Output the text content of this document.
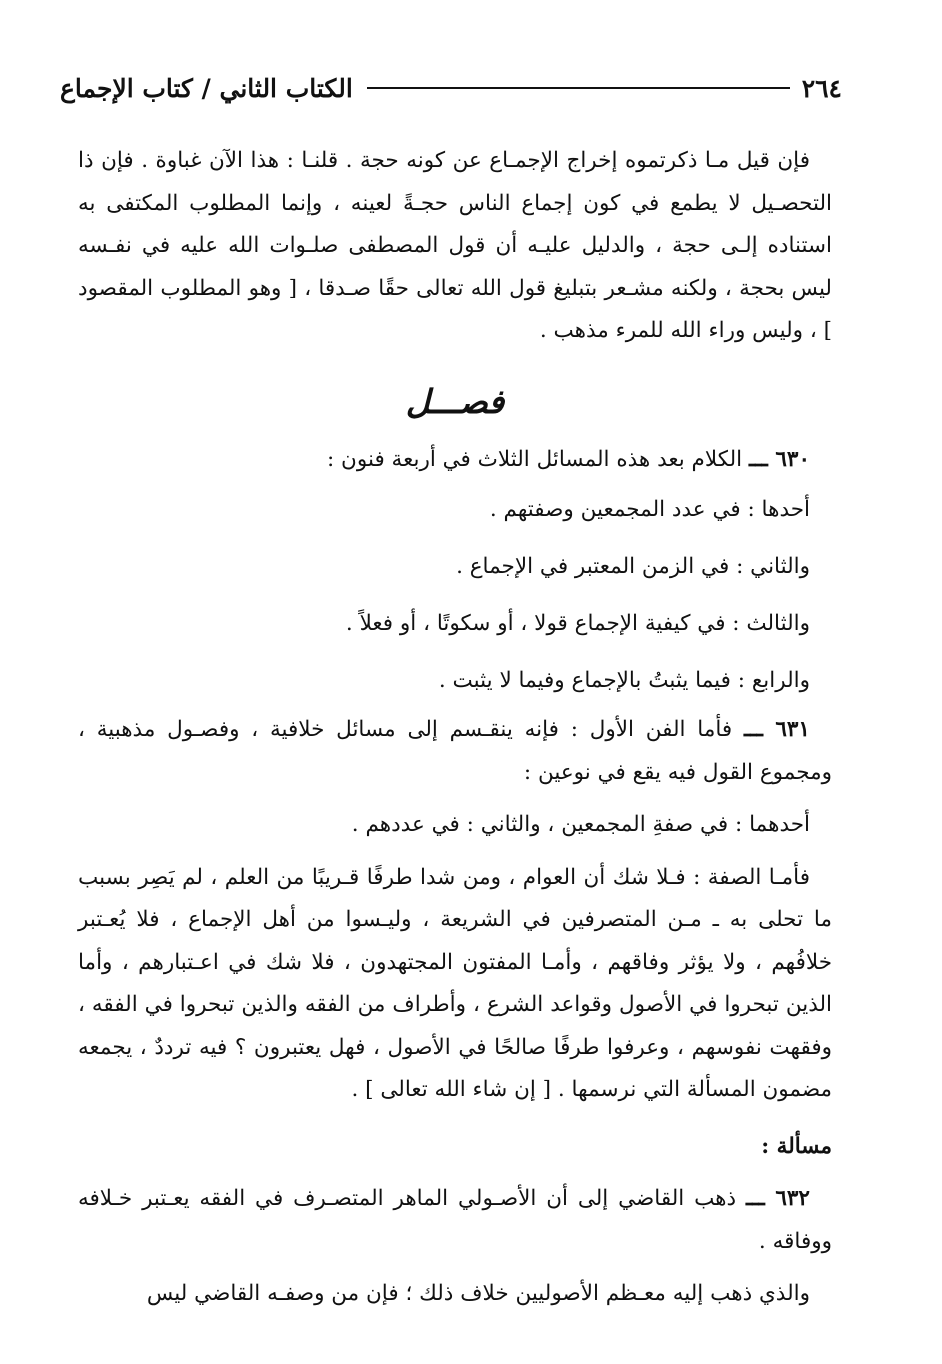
٢٦٤
الكتاب الثاني / كتاب الإجماع

فإن قيل مـا ذكرتموه إخراج الإجمـاع عن كونه حجة . قلنـا : هذا الآن غباوة . فإن ذا التحصـيل لا يطمع في كون إجماع الناس حجـةً لعينه ، وإنما المطلوب المكتفى به استناده إلـى حجة ، والدليل عليـه أن قول المصطفى صلـوات الله عليه في نفـسه ليس بحجة ، ولكنه مشـعر بتبليغ قول الله تعالى حقًا صـدقا ، [ وهو المطلوب المقصود ] ، وليس وراء الله للمرء مذهب .

فصـــل

٦٣٠ ـــ الكلام بعد هذه المسائل الثلاث في أربعة فنون :

أحدها : في عدد المجمعين وصفتهم .

والثاني : في الزمن المعتبر في الإجماع .

والثالث : في كيفية الإجماع قولا ، أو سكوتًا ، أو فعلاً .

والرابع : فيما يثبتُ بالإجماع وفيما لا يثبت .

٦٣١ ـــ فأما الفن الأول : فإنه ينقـسم إلى مسائل خلافية ، وفصـول مذهبية ، ومجموع القول فيه يقع في نوعين :

أحدهما : في صفةِ المجمعين ، والثاني : في عددهم .

فأمـا الصفة : فـلا شك أن العوام ، ومن شدا طرفًا قـريبًا من العلم ، لم يَصِر بسبب ما تحلى به ـ مـن المتصرفين في الشريعة ، وليـسوا من أهل الإجماع ، فلا يُعـتبر خلافُهم ، ولا يؤثر وفاقهم ، وأمـا المفتون المجتهدون ، فلا شك في اعـتبارهم ، وأما الذين تبحروا في الأصول وقواعد الشرع ، وأطراف من الفقه والذين تبحروا في الفقه ، وفقهت نفوسهم ، وعرفوا طرفًا صالحًا في الأصول ، فهل يعتبرون ؟ فيه ترددٌ ، يجمعه مضمون المسألة التي نرسمها . [ إن شاء الله تعالى ] .

مسألة :

٦٣٢ ـــ ذهب القاضي إلى أن الأصـولي الماهر المتصـرف في الفقه يعـتبر خـلافه ووفاقه .

والذي ذهب إليه معـظم الأصوليين خلاف ذلك ؛ فإن من وصفـه القاضي ليس
